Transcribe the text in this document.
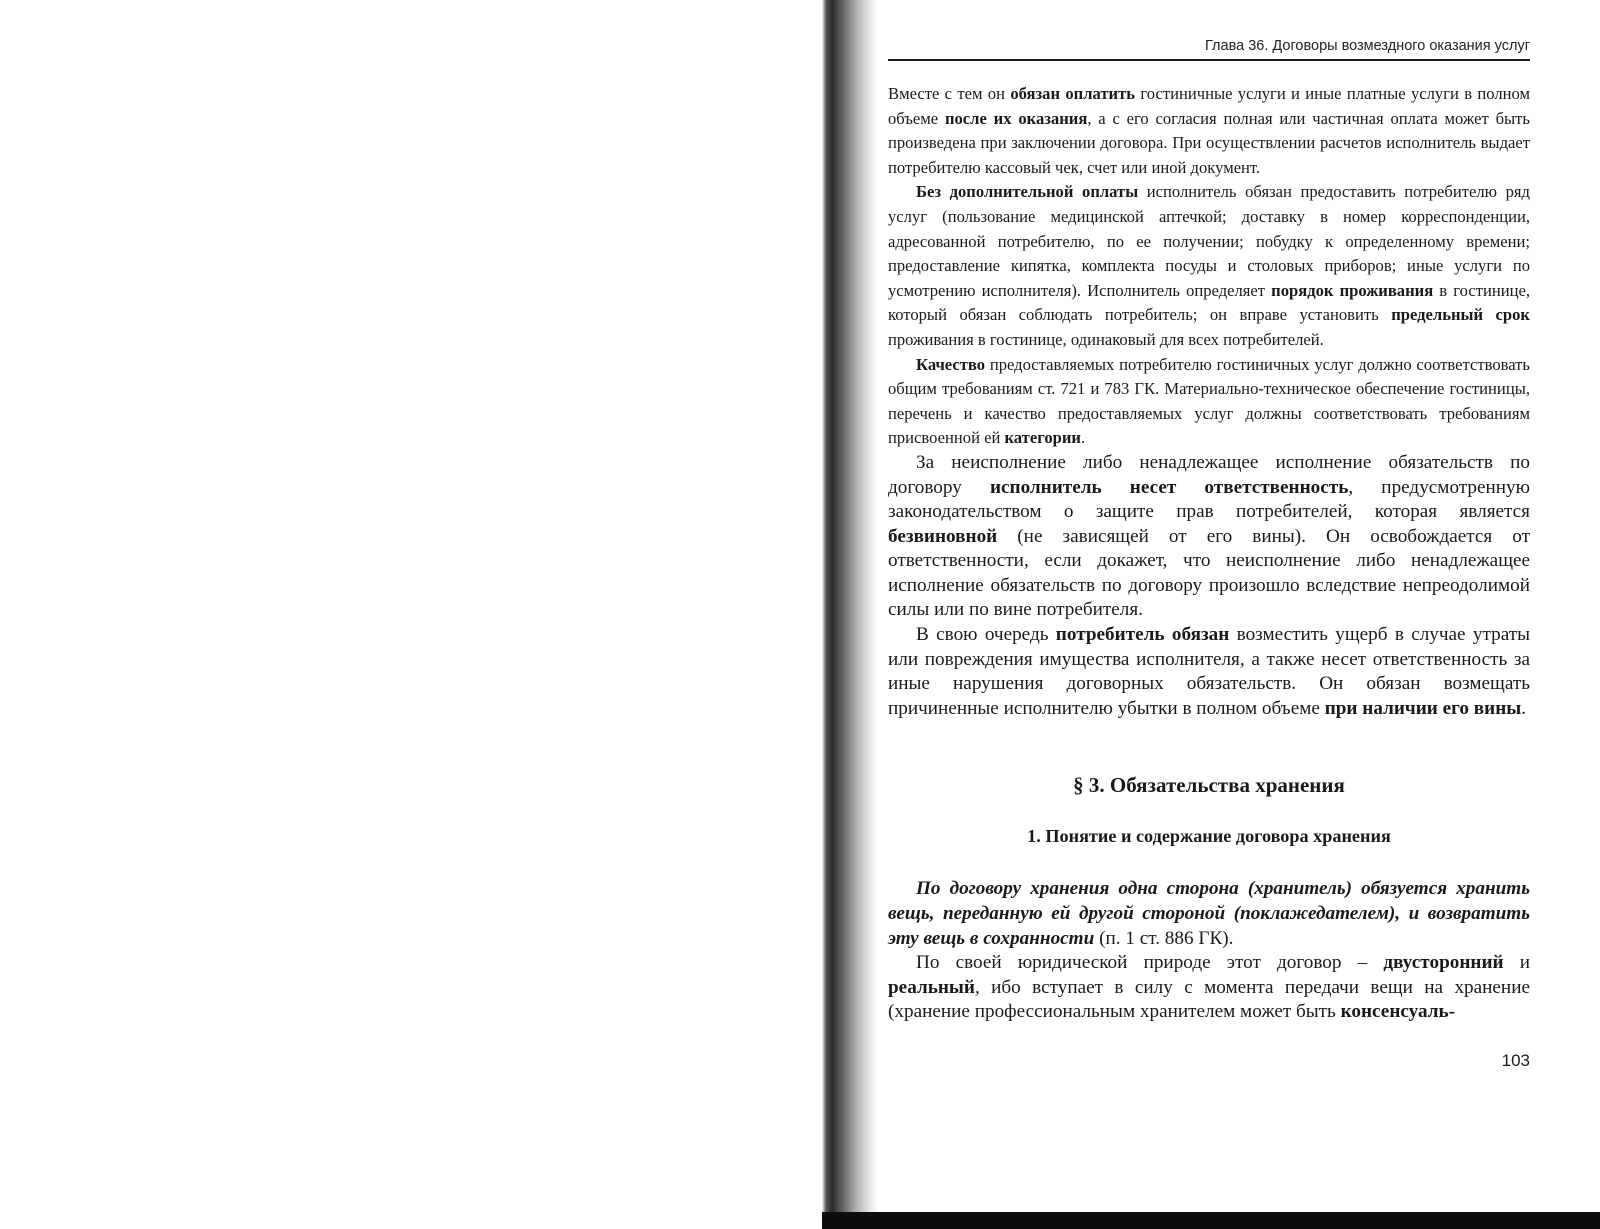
Глава 36. Договоры возмездного оказания услуг

Вместе с тем он обязан оплатить гостиничные услуги и иные платные услуги в полном объеме после их оказания, а с его согласия полная или частичная оплата может быть произведена при заключении договора. При осуществлении расчетов исполнитель выдает потребителю кассовый чек, счет или иной документ.

Без дополнительной оплаты исполнитель обязан предоставить потребителю ряд услуг (пользование медицинской аптечкой; доставку в номер корреспонденции, адресованной потребителю, по ее получении; побудку к определенному времени; предоставление кипятка, комплекта посуды и столовых приборов; иные услуги по усмотрению исполнителя). Исполнитель определяет порядок проживания в гостинице, который обязан соблюдать потребитель; он вправе установить предельный срок проживания в гостинице, одинаковый для всех потребителей.

Качество предоставляемых потребителю гостиничных услуг должно соответствовать общим требованиям ст. 721 и 783 ГК. Материально-техническое обеспечение гостиницы, перечень и качество предоставляемых услуг должны соответствовать требованиям присвоенной ей категории.

За неисполнение либо ненадлежащее исполнение обязательств по договору исполнитель несет ответственность, предусмотренную законодательством о защите прав потребителей, которая является безвиновной (не зависящей от его вины). Он освобождается от ответственности, если докажет, что неисполнение либо ненадлежащее исполнение обязательств по договору произошло вследствие непреодолимой силы или по вине потребителя.

В свою очередь потребитель обязан возместить ущерб в случае утраты или повреждения имущества исполнителя, а также несет ответственность за иные нарушения договорных обязательств. Он обязан возмещать причиненные исполнителю убытки в полном объеме при наличии его вины.

§ 3. Обязательства хранения
1. Понятие и содержание договора хранения

По договору хранения одна сторона (хранитель) обязуется хранить вещь, переданную ей другой стороной (поклажедателем), и возвратить эту вещь в сохранности (п. 1 ст. 886 ГК).

По своей юридической природе этот договор – двусторонний и реальный, ибо вступает в силу с момента передачи вещи на хранение (хранение профессиональным хранителем может быть консенсуаль-

103
